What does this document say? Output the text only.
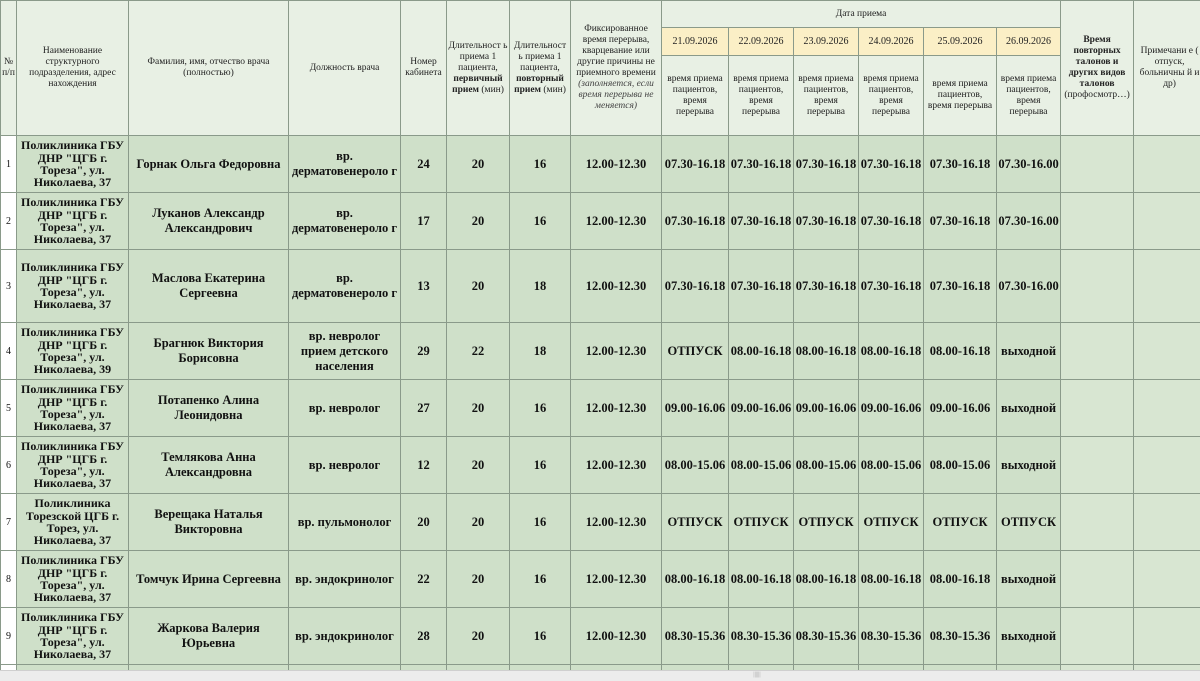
№ п/п	Наименование структурного подразделения, адрес нахождения	Фамилия, имя, отчество врача (полностью)	Должность врача	Номер кабинета	Длительност ь приема 1 пациента, первичный прием (мин)	Длительност ь приема 1 пациента, повторный прием (мин)	Фиксированное время перерыва, кварцевание или другие причины не приемного времени (заполняется, если время перерыва не меняется)	Дата приема						Время повторных талонов и других видов талонов (профосмотр…)	Примечани е ( отпуск, больничны й и др)
								21.09.2026	22.09.2026	23.09.2026	24.09.2026	25.09.2026	26.09.2026		
								время приема пациентов, время перерыва	время приема пациентов, время перерыва	время приема пациентов, время перерыва	время приема пациентов, время перерыва	время приема пациентов, время перерыва	время приема пациентов, время перерыва		
1	Поликлиника ГБУ ДНР "ЦГБ г. Тореза", ул. Николаева, 37	Горнак Ольга Федоровна	вр. дерматовенероло г	24	20	16	12.00-12.30	07.30-16.18	07.30-16.18	07.30-16.18	07.30-16.18	07.30-16.18	07.30-16.00		
2	Поликлиника ГБУ ДНР "ЦГБ г. Тореза", ул. Николаева, 37	Луканов Александр Александрович	вр. дерматовенероло г	17	20	16	12.00-12.30	07.30-16.18	07.30-16.18	07.30-16.18	07.30-16.18	07.30-16.18	07.30-16.00		
3	Поликлиника ГБУ ДНР "ЦГБ г. Тореза", ул. Николаева, 37	Маслова Екатерина Сергеевна	вр. дерматовенероло г	13	20	18	12.00-12.30	07.30-16.18	07.30-16.18	07.30-16.18	07.30-16.18	07.30-16.18	07.30-16.00		
4	Поликлиника ГБУ ДНР "ЦГБ г. Тореза", ул. Николаева, 39	Брагнюк Виктория Борисовна	вр. невролог прием детского населения	29	22	18	12.00-12.30	ОТПУСК	08.00-16.18	08.00-16.18	08.00-16.18	08.00-16.18	выходной		
5	Поликлиника ГБУ ДНР "ЦГБ г. Тореза", ул. Николаева, 37	Потапенко Алина Леонидовна	вр. невролог	27	20	16	12.00-12.30	09.00-16.06	09.00-16.06	09.00-16.06	09.00-16.06	09.00-16.06	выходной		
6	Поликлиника ГБУ ДНР "ЦГБ г. Тореза", ул. Николаева, 37	Темлякова Анна Александровна	вр. невролог	12	20	16	12.00-12.30	08.00-15.06	08.00-15.06	08.00-15.06	08.00-15.06	08.00-15.06	выходной		
7	Поликлиника Торезской ЦГБ г. Торез, ул. Николаева, 37	Верещака Наталья Викторовна	вр. пульмонолог	20	20	16	12.00-12.30	ОТПУСК	ОТПУСК	ОТПУСК	ОТПУСК	ОТПУСК	ОТПУСК		
8	Поликлиника ГБУ ДНР "ЦГБ г. Тореза", ул. Николаева, 37	Томчук Ирина Сергеевна	вр. эндокринолог	22	20	16	12.00-12.30	08.00-16.18	08.00-16.18	08.00-16.18	08.00-16.18	08.00-16.18	выходной		
9	Поликлиника ГБУ ДНР "ЦГБ г. Тореза", ул. Николаева, 37	Жаркова Валерия Юрьевна	вр. эндокринолог	28	20	16	12.00-12.30	08.30-15.36	08.30-15.36	08.30-15.36	08.30-15.36	08.30-15.36	выходной		

||||||
